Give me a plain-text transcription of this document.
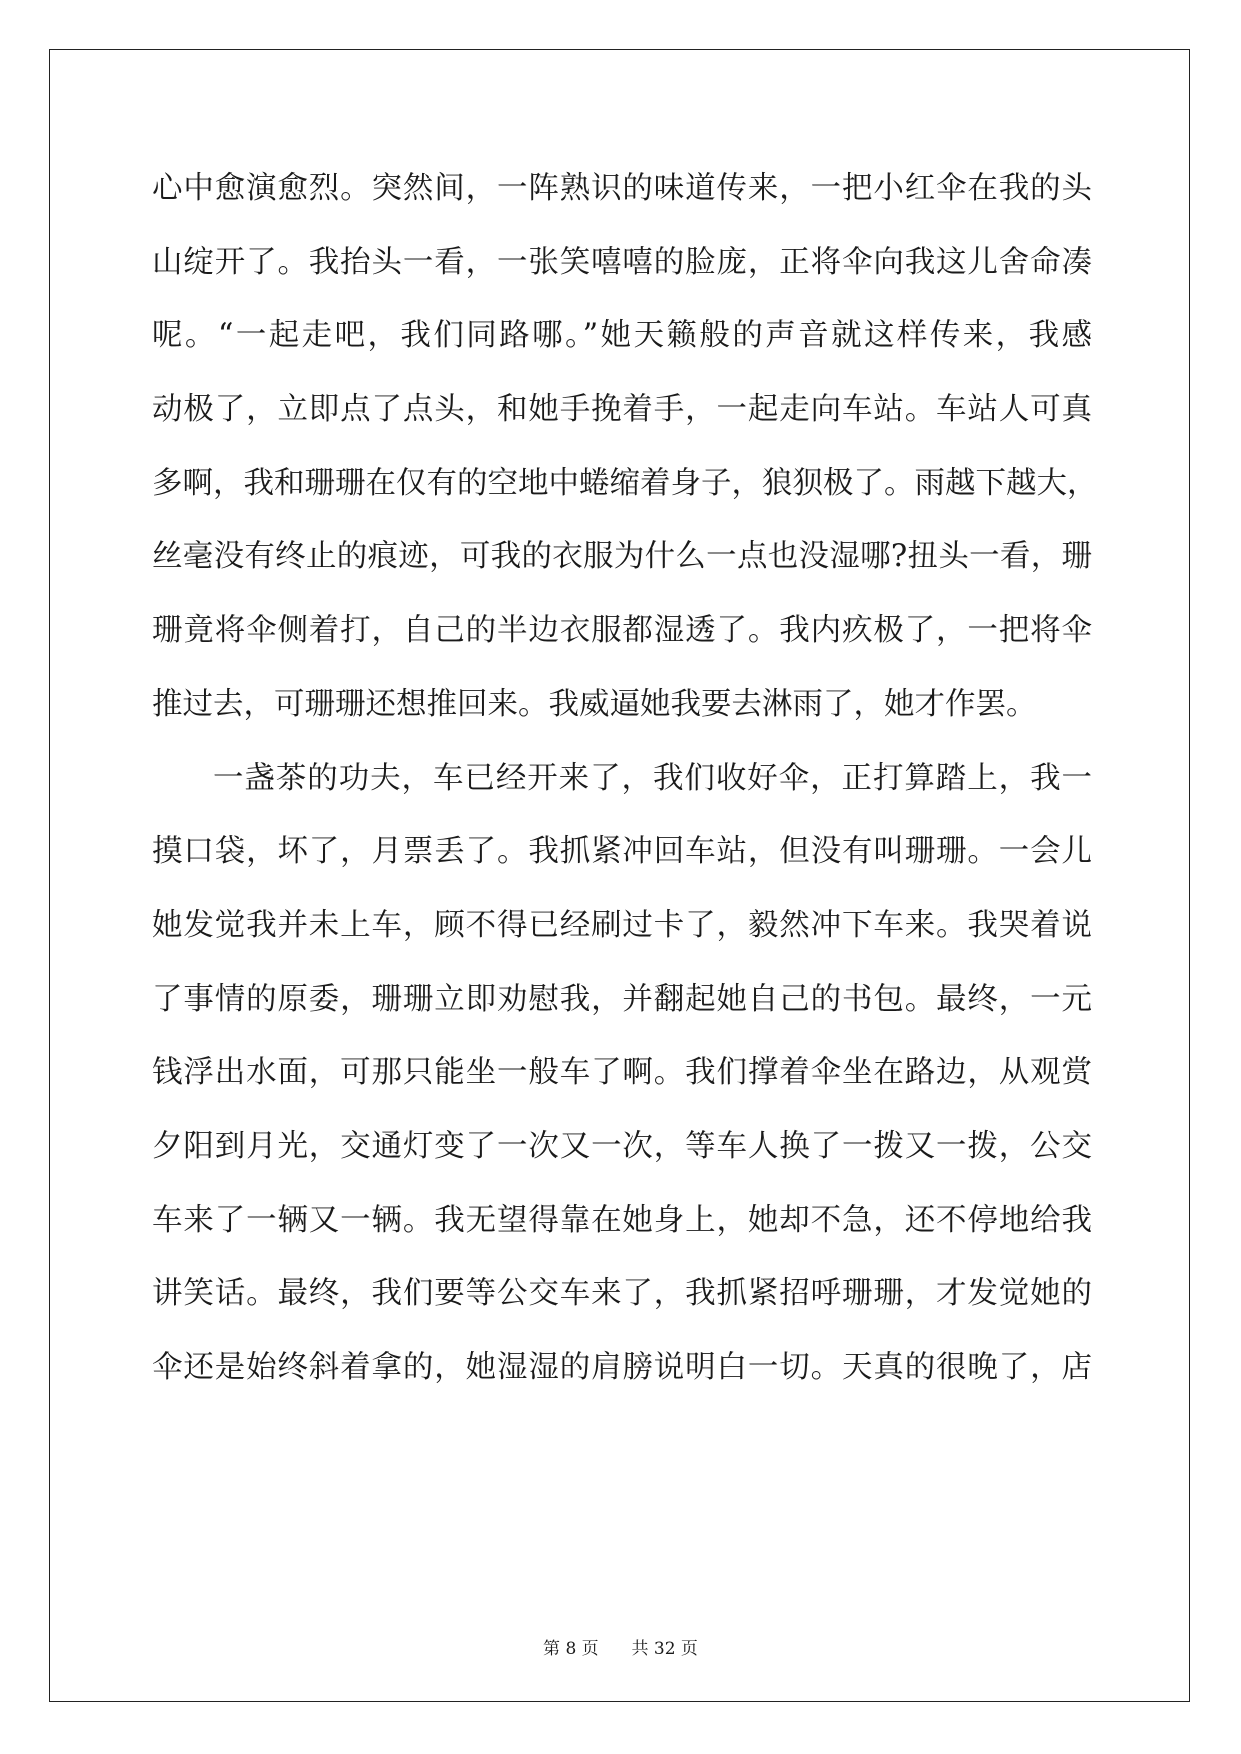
心中愈演愈烈。突然间，一阵熟识的味道传来，一把小红伞在我的头
山绽开了。我抬头一看，一张笑嘻嘻的脸庞，正将伞向我这儿舍命凑
呢。“一起走吧，我们同路哪。”她天籁般的声音就这样传来，我感
动极了，立即点了点头，和她手挽着手，一起走向车站。车站人可真
多啊，我和珊珊在仅有的空地中蜷缩着身子，狼狈极了。雨越下越大，
丝毫没有终止的痕迹，可我的衣服为什么一点也没湿哪?扭头一看，珊
珊竟将伞侧着打，自己的半边衣服都湿透了。我内疚极了，一把将伞
推过去，可珊珊还想推回来。我威逼她我要去淋雨了，她才作罢。
一盏茶的功夫，车已经开来了，我们收好伞，正打算踏上，我一
摸口袋，坏了，月票丢了。我抓紧冲回车站，但没有叫珊珊。一会儿
她发觉我并未上车，顾不得已经刷过卡了，毅然冲下车来。我哭着说
了事情的原委，珊珊立即劝慰我，并翻起她自己的书包。最终，一元
钱浮出水面，可那只能坐一般车了啊。我们撑着伞坐在路边，从观赏
夕阳到月光，交通灯变了一次又一次，等车人换了一拨又一拨，公交
车来了一辆又一辆。我无望得靠在她身上，她却不急，还不停地给我
讲笑话。最终，我们要等公交车来了，我抓紧招呼珊珊，才发觉她的
伞还是始终斜着拿的，她湿湿的肩膀说明白一切。天真的很晚了，店
第 8 页 共 32 页
